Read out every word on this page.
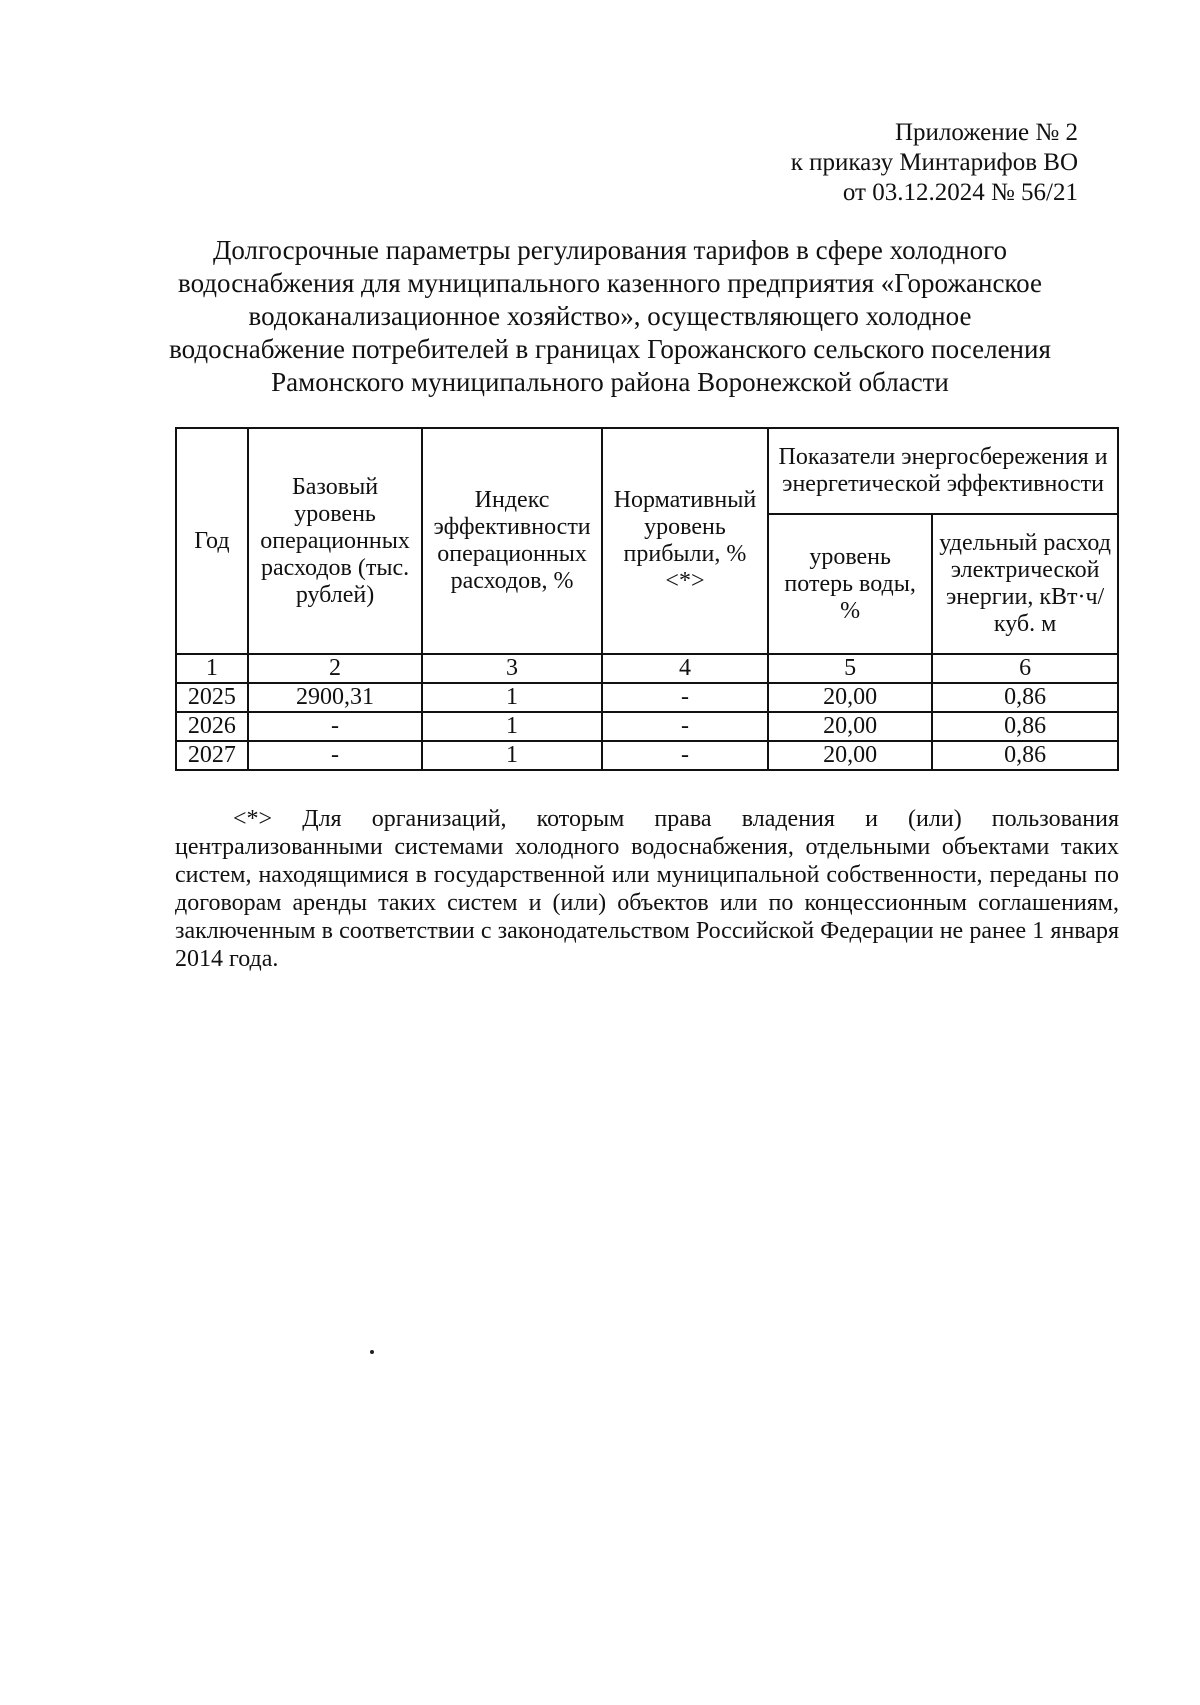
Приложение № 2
к приказу Минтарифов ВО
от 03.12.2024 № 56/21
Долгосрочные параметры регулирования тарифов в сфере холодного
водоснабжения для муниципального казенного предприятия «Горожанское
водоканализационное хозяйство», осуществляющего холодное
водоснабжение потребителей в границах Горожанского сельского поселения
Рамонского муниципального района Воронежской области
Год	Базовый уровень операционных расходов (тыс. рублей)	Индекс эффективности операционных расходов, %	Нормативный уровень прибыли, % <*>	Показатели энергосбережения и энергетической эффективности	
				уровень потерь воды, %	удельный расход электрической энергии, кВт·ч/куб. м
1	2	3	4	5	6
2025	2900,31	1	-	20,00	0,86
2026	-	1	-	20,00	0,86
2027	-	1	-	20,00	0,86
<*> Для организаций, которым права владения и (или) пользования централизованными системами холодного водоснабжения, отдельными объектами таких систем, находящимися в государственной или муниципальной собственности, переданы по договорам аренды таких систем и (или) объектов или по концессионным соглашениям, заключенным в соответствии с законодательством Российской Федерации не ранее 1 января 2014 года.
